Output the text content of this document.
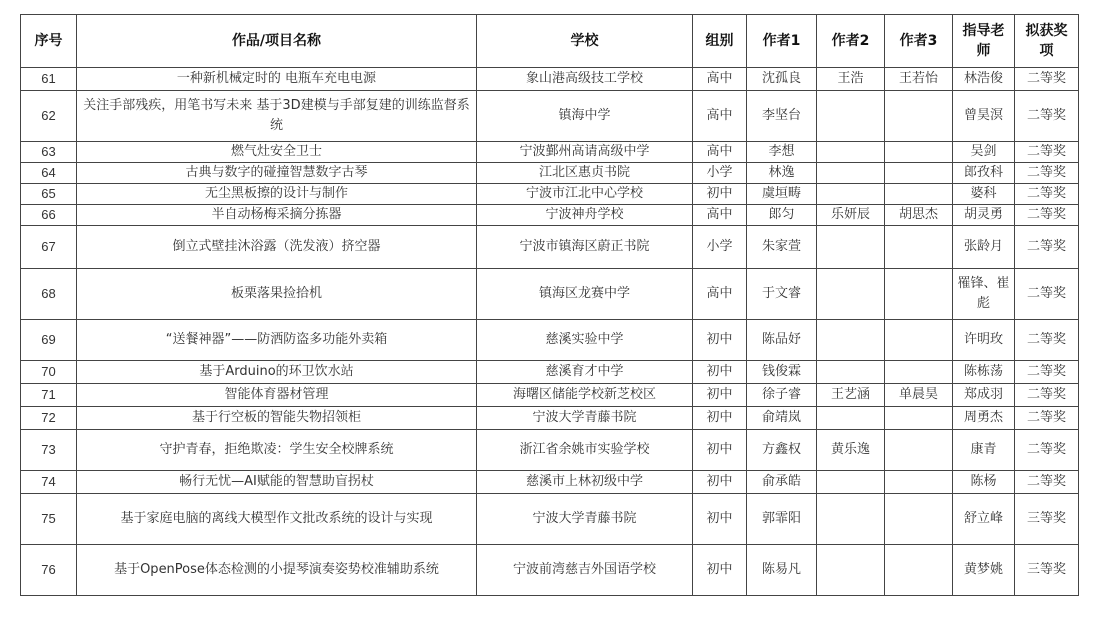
序号	作品/项目名称	学校	组别	作者1	作者2	作者3	指导老师	拟获奖项
61	一种新机械定时的 电瓶车充电电源	象山港高级技工学校	高中	沈孤良	王浩	王若怡	林浩俊	二等奖
62	关注手部残疾，用笔书写未来 基于3D建模与手部复建的训练监督系统	镇海中学	高中	李坚台			曾昊溟	二等奖
63	燃气灶安全卫士	宁波鄞州高请高级中学	高中	李想			吴剑	二等奖
64	古典与数字的碰撞智慧数字古琴	江北区惠贞书院	小学	林逸			郎孜科	二等奖
65	无尘黑板擦的设计与制作	宁波市江北中心学校	初中	虞垣畴			婆科	二等奖
66	半自动杨梅采摘分拣器	宁波神舟学校	高中	郎匀	乐妍辰	胡思杰	胡灵勇	二等奖
67	倒立式壁挂沐浴露（洗发液）挤空器	宁波市镇海区蔚正书院	小学	朱家萱			张龄月	二等奖
68	板栗落果捡拾机	镇海区龙赛中学	高中	于文睿			罹锋、崔彪	二等奖
69	“送餐神器”——防洒防盗多功能外卖箱	慈溪实验中学	初中	陈品妤			许明玫	二等奖
70	基于Arduino的环卫饮水站	慈溪育才中学	初中	钱俊霖			陈栋荡	二等奖
71	智能体育器材管理	海曙区储能学校新芝校区	初中	徐子睿	王艺涵	单晨昊	郑成羽	二等奖
72	基于行空板的智能失物招领柜	宁波大学青藤书院	初中	俞靖岚			周勇杰	二等奖
73	守护青春，拒绝欺凌：学生安全校牌系统	浙江省余姚市实验学校	初中	方鑫权	黄乐逸		康青	二等奖
74	畅行无忧—AI赋能的智慧助盲拐杖	慈溪市上林初级中学	初中	俞承皓			陈杨	二等奖
75	基于家庭电脑的离线大模型作文批改系统的设计与实现	宁波大学青藤书院	初中	郭霏阳			舒立峰	三等奖
76	基于OpenPose体态检测的小提琴演奏姿势校准辅助系统	宁波前湾慈吉外国语学校	初中	陈易凡			黄梦姚	三等奖
